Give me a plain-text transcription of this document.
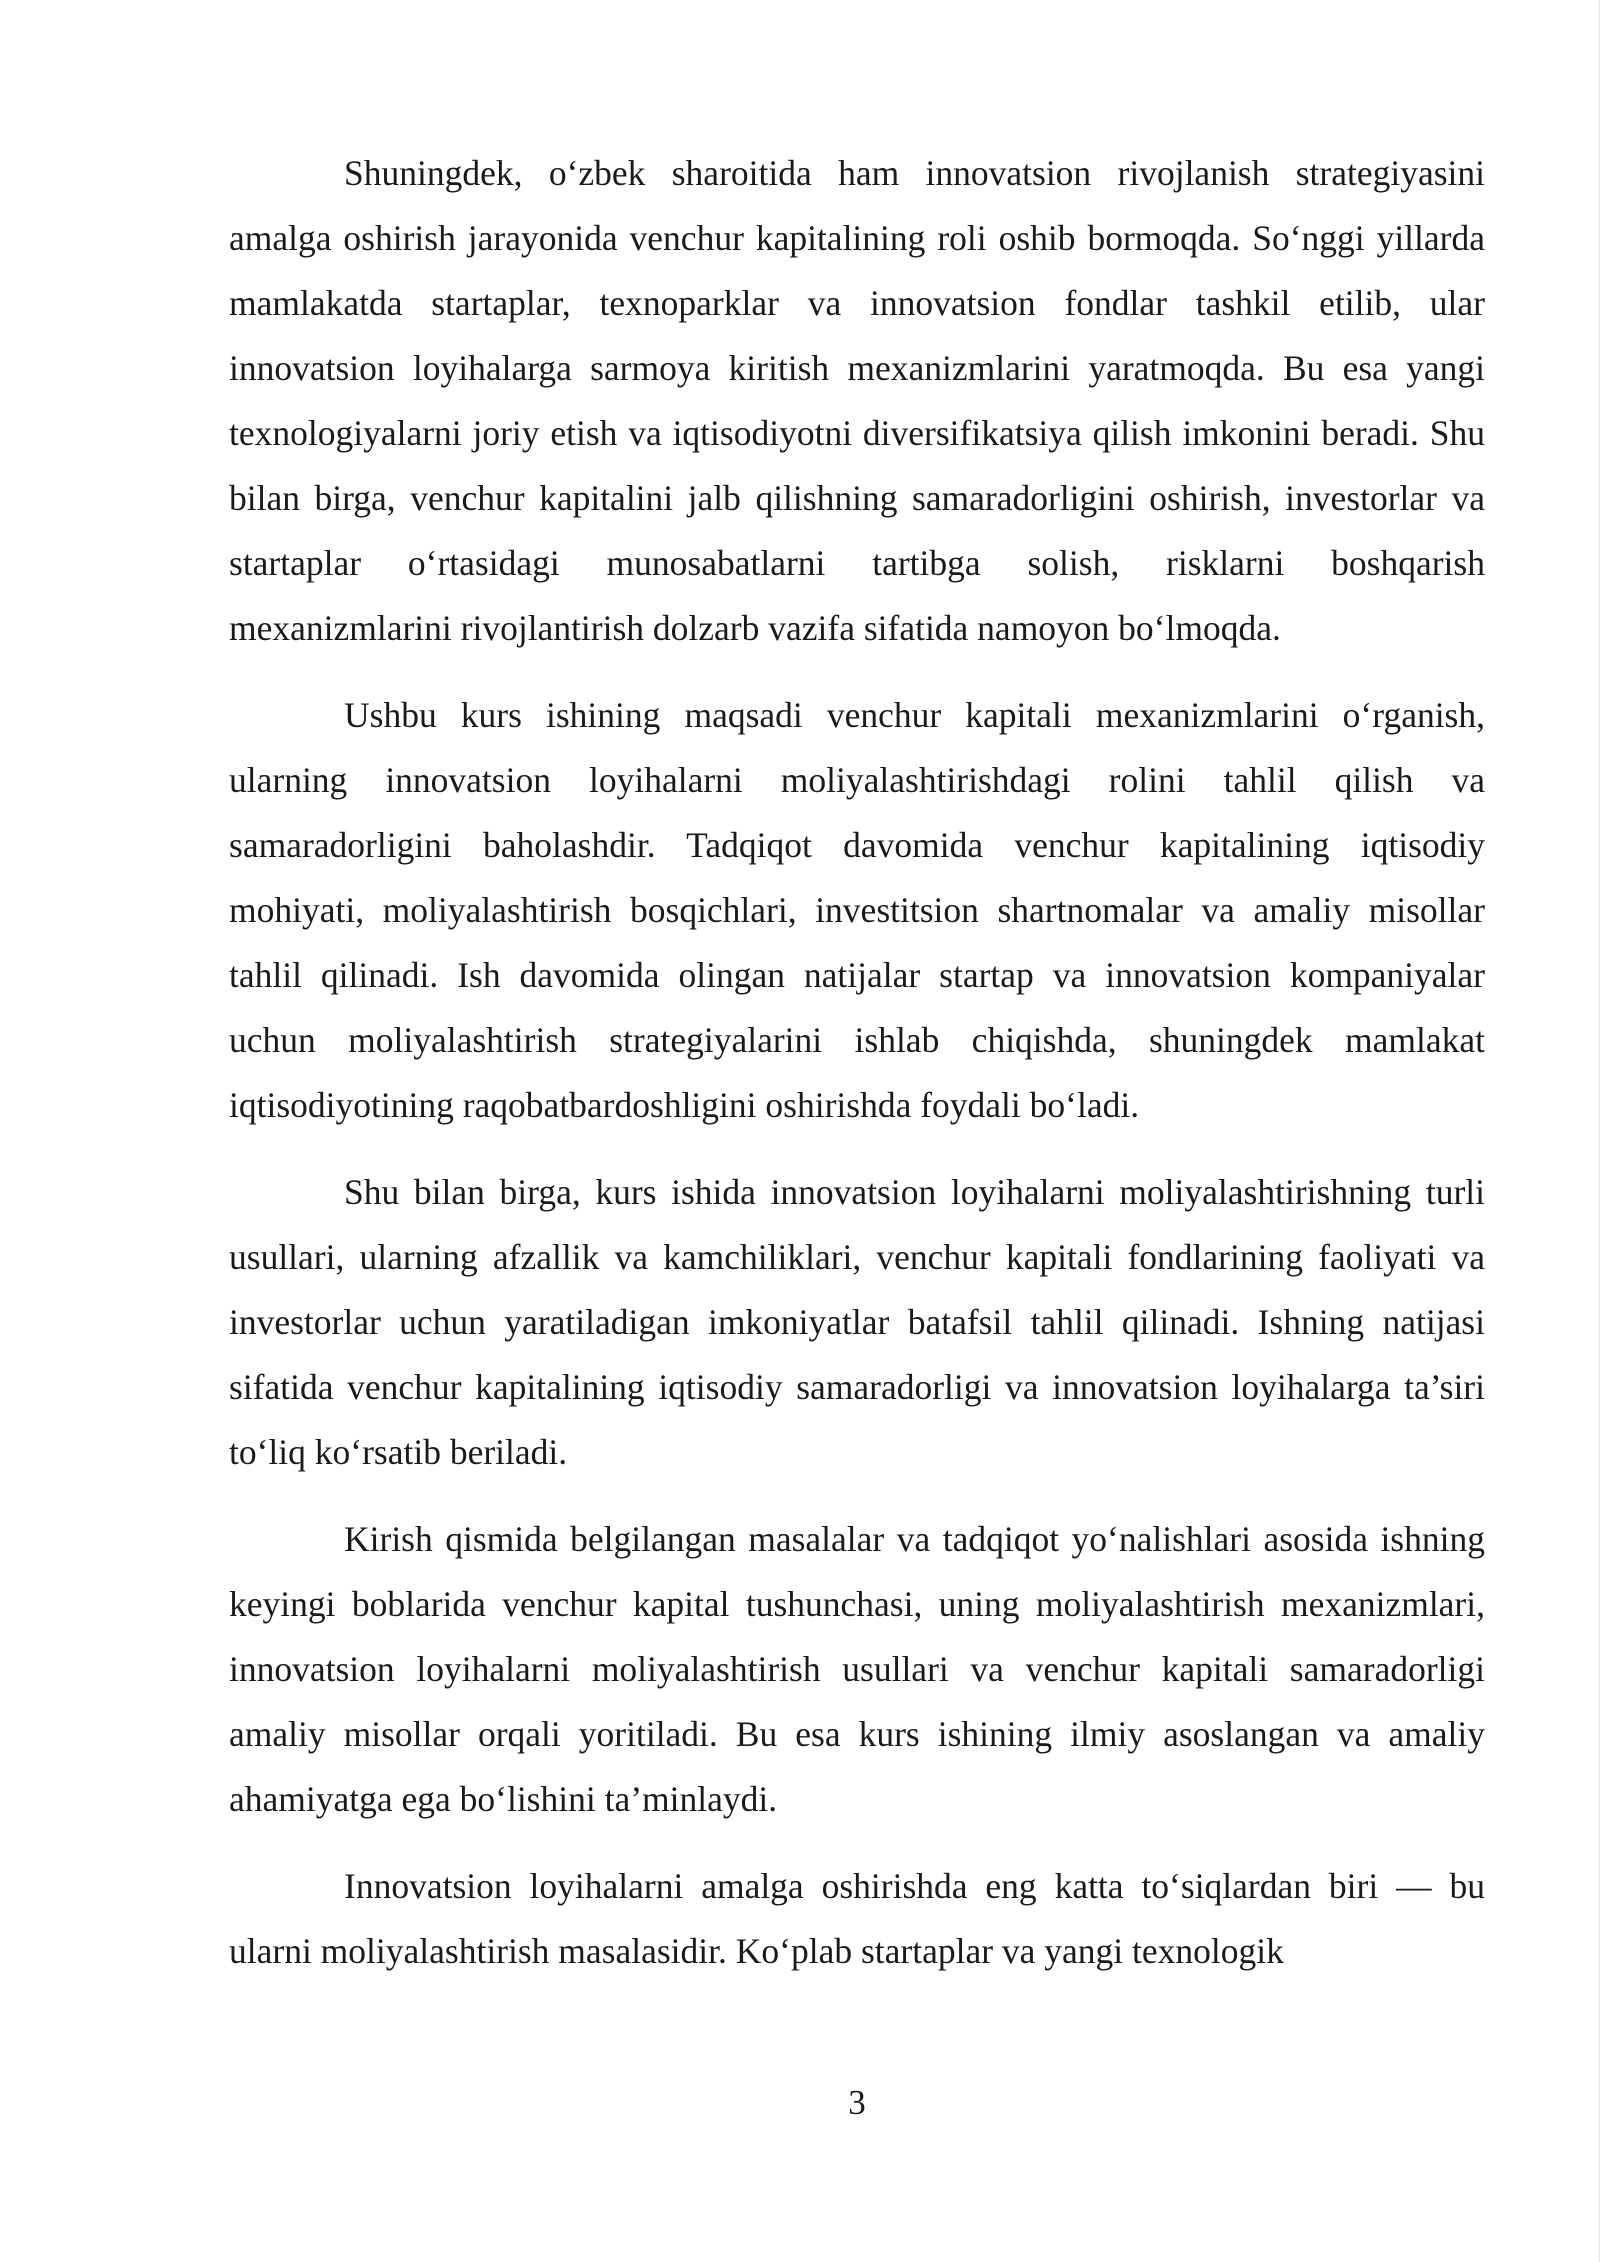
Shuningdek, o‘zbek sharoitida ham innovatsion rivojlanish strategiyasini amalga oshirish jarayonida venchur kapitalining roli oshib bormoqda. So‘nggi yillarda mamlakatda startaplar, texnoparklar va innovatsion fondlar tashkil etilib, ular innovatsion loyihalarga sarmoya kiritish mexanizmlarini yaratmoqda. Bu esa yangi texnologiyalarni joriy etish va iqtisodiyotni diversifikatsiya qilish imkonini beradi. Shu bilan birga, venchur kapitalini jalb qilishning samaradorligini oshirish, investorlar va startaplar o‘rtasidagi munosabatlarni tartibga solish, risklarni boshqarish mexanizmlarini rivojlantirish dolzarb vazifa sifatida namoyon bo‘lmoqda.

Ushbu kurs ishining maqsadi venchur kapitali mexanizmlarini o‘rganish, ularning innovatsion loyihalarni moliyalashtirishdagi rolini tahlil qilish va samaradorligini baholashdir. Tadqiqot davomida venchur kapitalining iqtisodiy mohiyati, moliyalashtirish bosqichlari, investitsion shartnomalar va amaliy misollar tahlil qilinadi. Ish davomida olingan natijalar startap va innovatsion kompaniyalar uchun moliyalashtirish strategiyalarini ishlab chiqishda, shuningdek mamlakat iqtisodiyotining raqobatbardoshligini oshirishda foydali bo‘ladi.

Shu bilan birga, kurs ishida innovatsion loyihalarni moliyalashtirishning turli usullari, ularning afzallik va kamchiliklari, venchur kapitali fondlarining faoliyati va investorlar uchun yaratiladigan imkoniyatlar batafsil tahlil qilinadi. Ishning natijasi sifatida venchur kapitalining iqtisodiy samaradorligi va innovatsion loyihalarga ta’siri to‘liq ko‘rsatib beriladi.

Kirish qismida belgilangan masalalar va tadqiqot yo‘nalishlari asosida ishning keyingi boblarida venchur kapital tushunchasi, uning moliyalashtirish mexanizmlari, innovatsion loyihalarni moliyalashtirish usullari va venchur kapitali samaradorligi amaliy misollar orqali yoritiladi. Bu esa kurs ishining ilmiy asoslangan va amaliy ahamiyatga ega bo‘lishini ta’minlaydi.

Innovatsion loyihalarni amalga oshirishda eng katta to‘siqlardan biri — bu ularni moliyalashtirish masalasidir. Ko‘plab startaplar va yangi texnologik

3
